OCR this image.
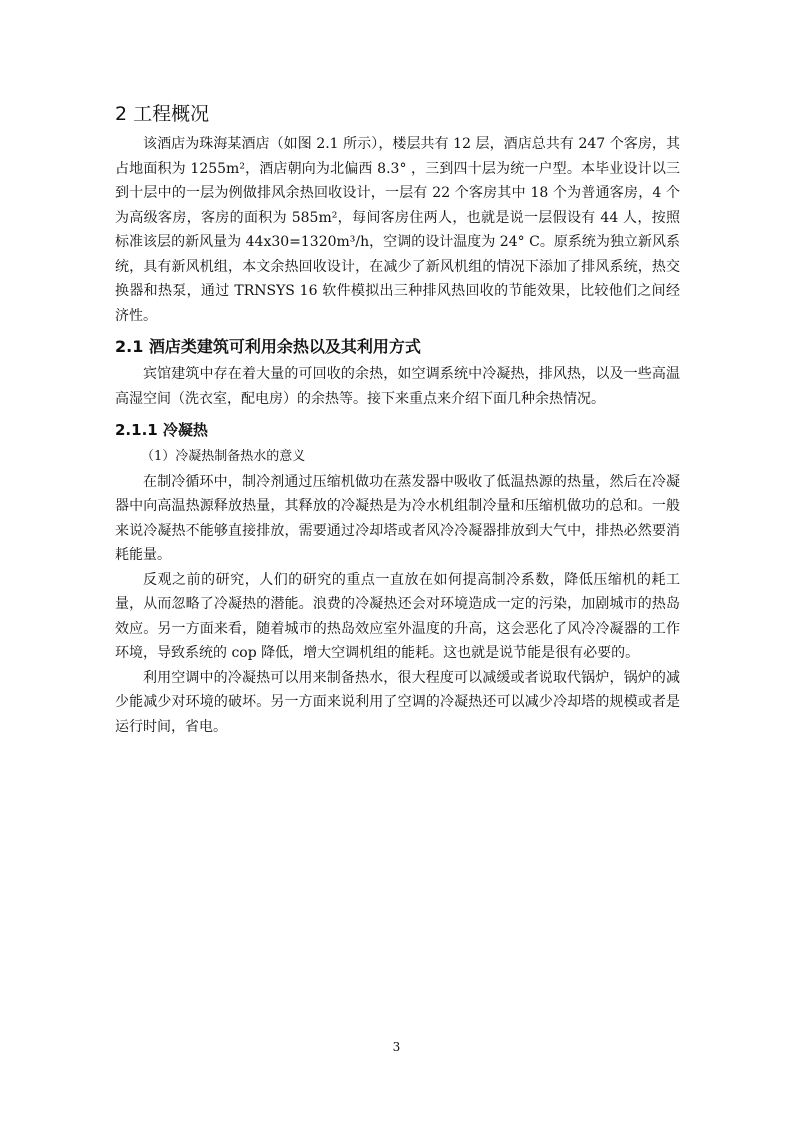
2 工程概况

该酒店为珠海某酒店（如图 2.1 所示），楼层共有 12 层，酒店总共有 247 个客房，其占地面积为 1255m²，酒店朝向为北偏西 8.3° ，三到四十层为统一户型。本毕业设计以三到十层中的一层为例做排风余热回收设计，一层有 22 个客房其中 18 个为普通客房，4 个为高级客房，客房的面积为 585m²，每间客房住两人，也就是说一层假设有 44 人，按照标准该层的新风量为 44x30=1320m³/h，空调的设计温度为 24° C。原系统为独立新风系统，具有新风机组，本文余热回收设计，在减少了新风机组的情况下添加了排风系统，热交换器和热泵，通过 TRNSYS 16 软件模拟出三种排风热回收的节能效果，比较他们之间经济性。

2.1 酒店类建筑可利用余热以及其利用方式

宾馆建筑中存在着大量的可回收的余热，如空调系统中冷凝热，排风热，以及一些高温高湿空间（洗衣室，配电房）的余热等。接下来重点来介绍下面几种余热情况。

2.1.1 冷凝热

（1）冷凝热制备热水的意义

在制冷循环中，制冷剂通过压缩机做功在蒸发器中吸收了低温热源的热量，然后在冷凝器中向高温热源释放热量，其释放的冷凝热是为冷水机组制冷量和压缩机做功的总和。一般来说冷凝热不能够直接排放，需要通过冷却塔或者风冷冷凝器排放到大气中，排热必然要消耗能量。

反观之前的研究，人们的研究的重点一直放在如何提高制冷系数，降低压缩机的耗工量，从而忽略了冷凝热的潜能。浪费的冷凝热还会对环境造成一定的污染，加剧城市的热岛效应。另一方面来看，随着城市的热岛效应室外温度的升高，这会恶化了风冷冷凝器的工作环境，导致系统的 cop 降低，增大空调机组的能耗。这也就是说节能是很有必要的。

利用空调中的冷凝热可以用来制备热水，很大程度可以减缓或者说取代锅炉，锅炉的减少能减少对环境的破坏。另一方面来说利用了空调的冷凝热还可以减少冷却塔的规模或者是运行时间，省电。

3
